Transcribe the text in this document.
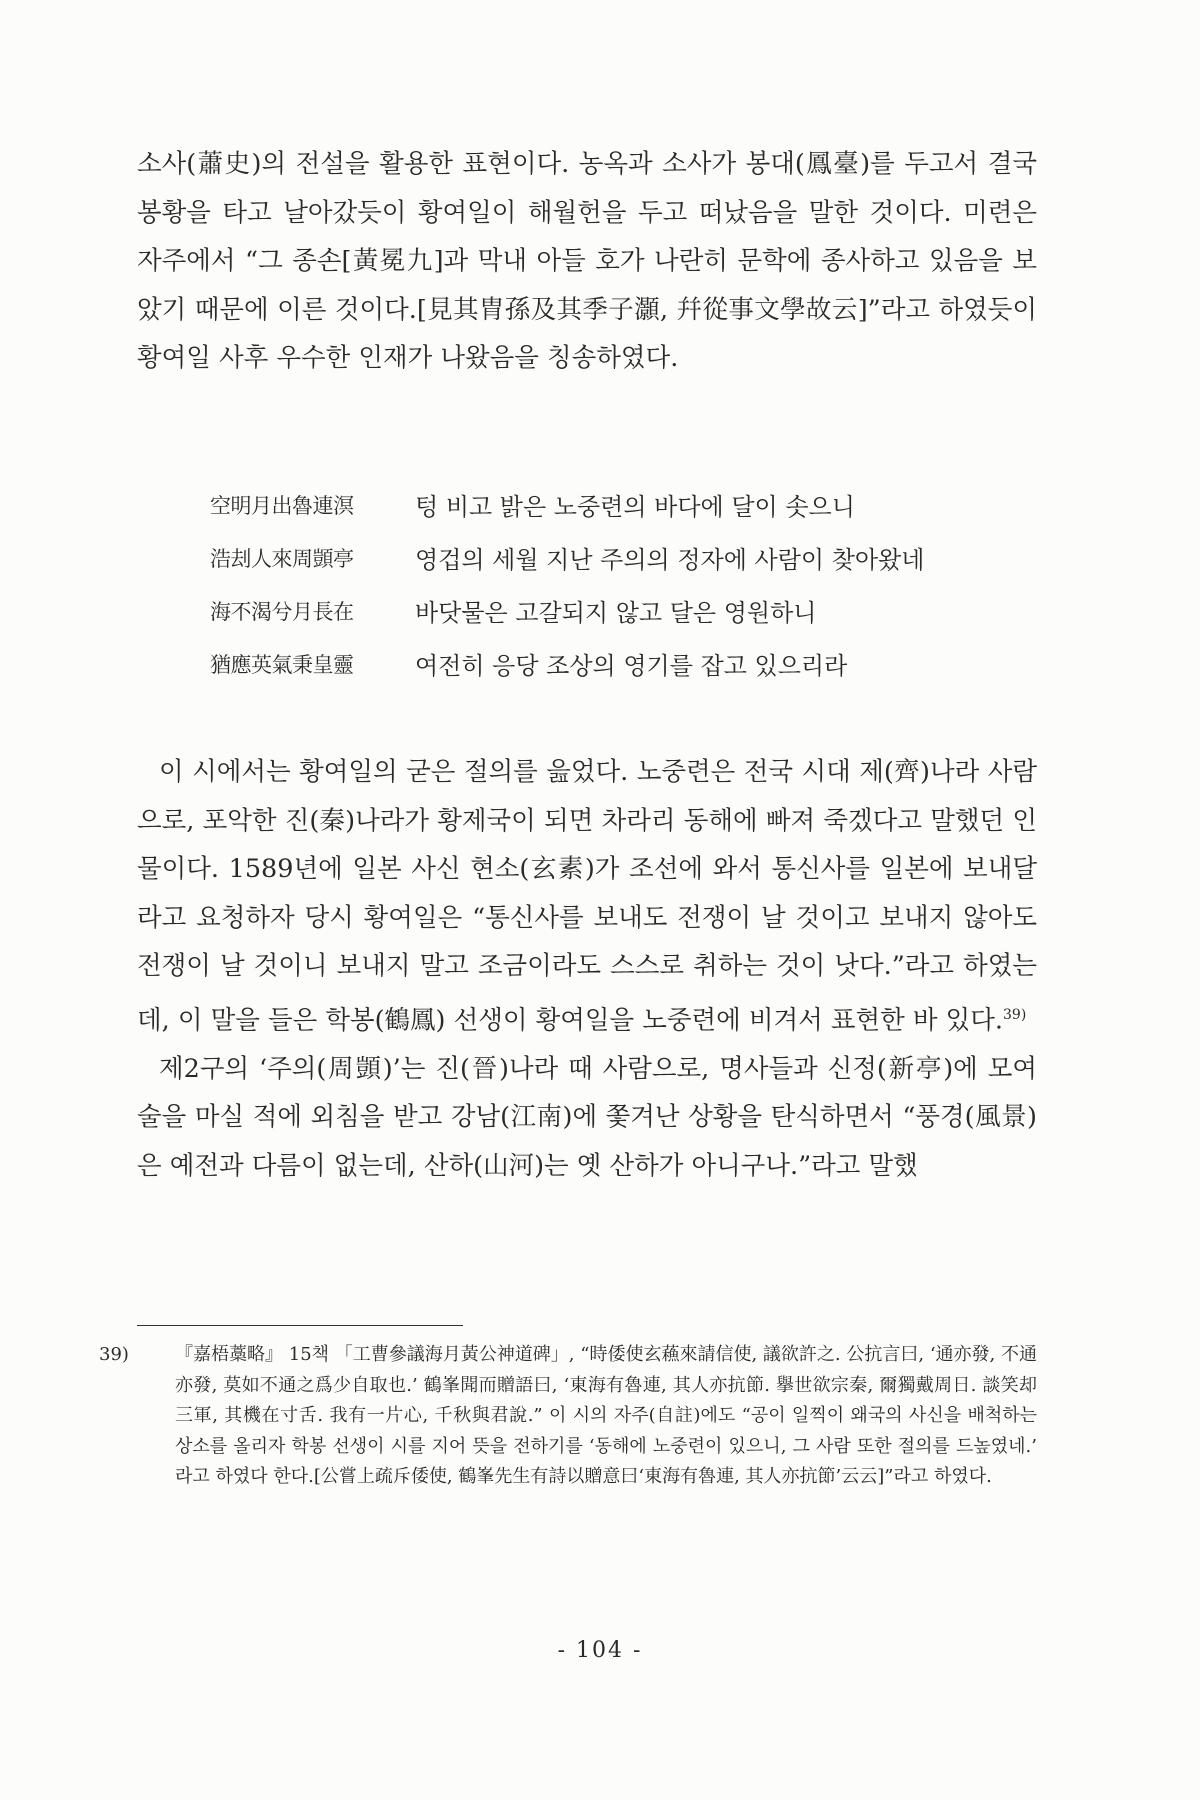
소사(蕭史)의 전설을 활용한 표현이다. 농옥과 소사가 봉대(鳳臺)를 두고서 결국 봉황을 타고 날아갔듯이 황여일이 해월헌을 두고 떠났음을 말한 것이다. 미련은 자주에서 “그 종손[黃冕九]과 막내 아들 호가 나란히 문학에 종사하고 있음을 보았기 때문에 이른 것이다.[見其胄孫及其季子灝, 幷從事文學故云]”라고 하였듯이 황여일 사후 우수한 인재가 나왔음을 칭송하였다.

空明月出魯連溟	텅 비고 밝은 노중련의 바다에 달이 솟으니
浩刦人來周顗亭	영겁의 세월 지난 주의의 정자에 사람이 찾아왔네
海不渴兮月長在	바닷물은 고갈되지 않고 달은 영원하니
猶應英氣秉皇靈	여전히 응당 조상의 영기를 잡고 있으리라

이 시에서는 황여일의 굳은 절의를 읊었다. 노중련은 전국 시대 제(齊)나라 사람으로, 포악한 진(秦)나라가 황제국이 되면 차라리 동해에 빠져 죽겠다고 말했던 인물이다. 1589년에 일본 사신 현소(玄素)가 조선에 와서 통신사를 일본에 보내달라고 요청하자 당시 황여일은 “통신사를 보내도 전쟁이 날 것이고 보내지 않아도 전쟁이 날 것이니 보내지 말고 조금이라도 스스로 취하는 것이 낫다.”라고 하였는데, 이 말을 들은 학봉(鶴鳳) 선생이 황여일을 노중련에 비겨서 표현한 바 있다.$^{39)}$

제2구의 ‘주의(周顗)’는 진(晉)나라 때 사람으로, 명사들과 신정(新亭)에 모여 술을 마실 적에 외침을 받고 강남(江南)에 쫓겨난 상황을 탄식하면서 “풍경(風景)은 예전과 다름이 없는데, 산하(山河)는 옛 산하가 아니구나.”라고 말했

39)	『嘉梧藁略』 15책 「工曹參議海月黃公神道碑」, “時倭使玄蘓來請信使, 議欲許之. 公抗言曰, ‘通亦發, 不通亦發, 莫如不通之爲少自取也.’ 鶴峯聞而贈語曰, ‘東海有魯連, 其人亦抗節. 擧世欲宗秦, 爾獨戴周日. 談笑却三軍, 其機在寸舌. 我有一片心, 千秋與君說.” 이 시의 자주(自註)에도 “공이 일찍이 왜국의 사신을 배척하는 상소를 올리자 학봉 선생이 시를 지어 뜻을 전하기를 ‘동해에 노중련이 있으니, 그 사람 또한 절의를 드높였네.’ 라고 하였다 한다.[公嘗上疏斥倭使, 鶴峯先生有詩以贈意曰‘東海有魯連, 其人亦抗節’云云]”라고 하였다.
- 104 -
